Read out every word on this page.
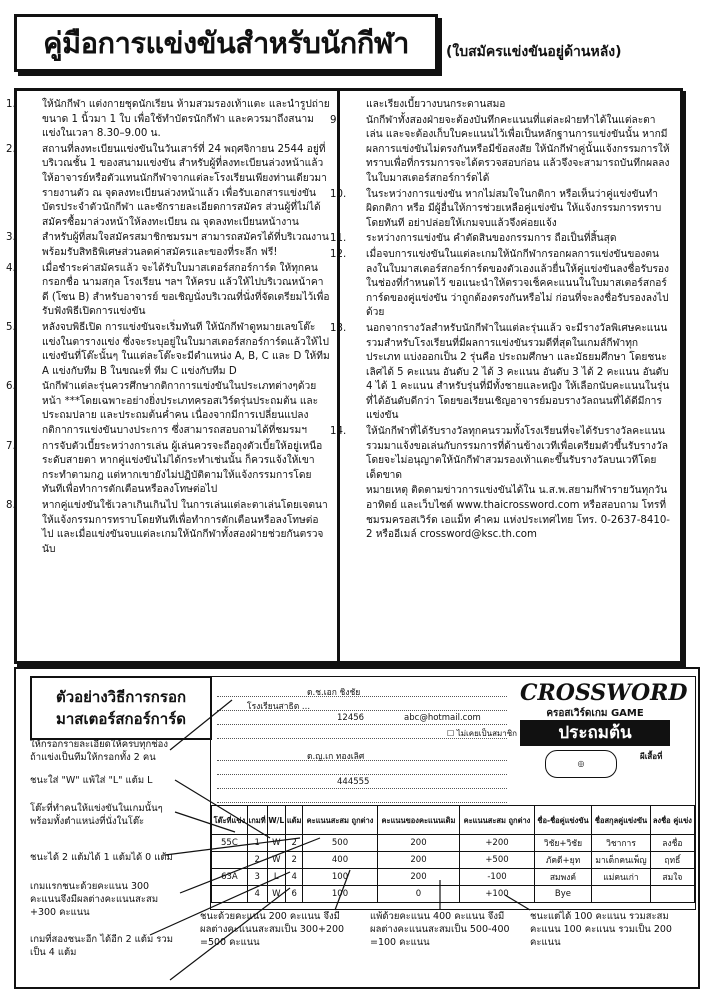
คู่มือการแข่งขันสำหรับนักกีฬา	(ใบสมัครแข่งขันอยู่ด้านหลัง)

1.	ให้นักกีฬา แต่งกายชุดนักเรียน ห้ามสวมรองเท้าแตะ และนำรูปถ่ายขนาด 1 นิ้วมา 1 ใบ เพื่อใช้ทำบัตรนักกีฬา และควรมาถึงสนามแข่งในเวลา 8.30–9.00 น.

2.	สถานที่ลงทะเบียนแข่งขันในวันเสาร์ที่ 24 พฤศจิกายน 2544 อยู่ที่บริเวณชั้น 1 ของสนามแข่งขัน สำหรับผู้ที่ลงทะเบียนล่วงหน้าแล้วให้อาจารย์หรือตัวแทนนักกีฬาจากแต่ละโรงเรียนเพียงท่านเดียวมารายงานตัว ณ จุดลงทะเบียนล่วงหน้าแล้ว เพื่อรับเอกสารแข่งขัน บัตรประจำตัวนักกีฬา และซักรายละเอียดการสมัคร ส่วนผู้ที่ไม่ได้สมัครซื้อมาล่วงหน้าให้ลงทะเบียน ณ จุดลงทะเบียนหน้างาน

3.	สำหรับผู้ที่สมใจสมัครสมาชิกชมรมฯ สามารถสมัครได้ที่บริเวณงาน พร้อมรับสิทธิพิเศษส่วนลดค่าสมัครและของที่ระลึก ฟรี!

4.	เมื่อชำระค่าสมัครแล้ว จะได้รับใบมาสเตอร์สกอร์การ์ด ให้ทุกคนกรอกชื่อ นามสกุล โรงเรียน ฯลฯ ให้ครบ แล้วให้ไปบริเวณหน้าคาดี (โซน B) สำหรับอาจารย์ ขอเชิญนั่งบริเวณที่นั่งที่จัดเตรียมไว้เพื่อรับฟังพิธีเปิดการแข่งขัน

5.	หลังจบพิธีเปิด การแข่งขันจะเริ่มทันที ให้นักกีฬาดูหมายเลขโต๊ะแข่งในตารางแข่ง ซึ่งจะระบุอยู่ในใบมาสเตอร์สกอร์การ์ดแล้วให้ไปแข่งขันที่โต๊ะนั้นๆ ในแต่ละโต๊ะจะมีตำแหน่ง A, B, C และ D ให้ทีม A แข่งกับทีม B ในขณะที่ ทีม C แข่งกับทีม D

6.	นักกีฬาแต่ละรุ่นควรศึกษากติกาการแข่งขันในประเภทต่างๆด้วยหน้า ***โดยเฉพาะอย่างยิ่งประเภทครอสเวิร์ดรุ่นประถมต้น และประถมปลาย และประถมต้นค่ำคน เนื่องจากมีการเปลี่ยนแปลงกติกาการแข่งขันบางประการ ซึ่งสามารถสอบถามได้ที่ชมรมฯ

7.	การจับตัวเบี้ยระหว่างการเล่น ผู้เล่นควรจะถือถุงตัวเบี้ยให้อยู่เหนือระดับสายตา หากคู่แข่งขันไม่ได้กระทำเช่นนั้น ก็ควรแจ้งให้เขากระทำตามกฎ แต่หากเขายังไม่ปฏิบัติตามให้แจ้งกรรมการโดยทันทีเพื่อทำการตักเตือนหรือลงโทษต่อไป

8.	หากคู่แข่งขันใช้เวลาเกินเกินไป ในการเล่นแต่ละตาเล่นโดยเจตนาให้แจ้งกรรมการทราบโดยทันทีเพื่อทำการตักเตือนหรือลงโทษต่อไป และเมื่อแข่งขันจบแต่ละเกมให้นักกีฬาทั้งสองฝ่ายช่วยกันตรวจนับ

และเรียงเบี้ยวางบนกระดานสมอ

9.	นักกีฬาทั้งสองฝ่ายจะต้องบันทึกคะแนนที่แต่ละฝ่ายทำได้ในแต่ละตาเล่น และจะต้องเก็บใบคะแนนไว้เพื่อเป็นหลักฐานการแข่งขันนั้น หากมีผลการแข่งขันไม่ตรงกันหรือมีข้อสงสัย ให้นักกีฬาคู่นั้นแจ้งกรรมการให้ทราบเพื่อที่กรรมการจะได้ตรวจสอบก่อน แล้วจึงจะสามารถบันทึกผลลงในใบมาสเตอร์สกอร์การ์ดได้

10. ในระหว่างการแข่งขัน หากไม่สมใจในกติกา หรือเห็นว่าคู่แข่งขันทำผิดกติกา หรือ มีผู้อื่นให้การช่วยเหลือคู่แข่งขัน ให้แจ้งกรรมการทราบโดยทันที อย่าปล่อยให้เกมจบแล้วจึงค่อยแจ้ง

11. ระหว่างการแข่งขัน คำตัดสินของกรรมการ ถือเป็นที่สิ้นสุด

12. เมื่อจบการแข่งขันในแต่ละเกมให้นักกีฬากรอกผลการแข่งขันของตนลงในใบมาสเตอร์สกอร์การ์ดของตัวเองแล้วยื่นให้คู่แข่งขันลงชื่อรับรอง ในช่องที่กำหนดไว้ ขอแนะนำให้ตรวจเช็คคะแนนในใบมาสเตอร์สกอร์การ์ดของคู่แข่งขัน ว่าถูกต้องตรงกันหรือไม่ ก่อนที่จะลงชื่อรับรองลงไปด้วย

13. นอกจากรางวัลสำหรับนักกีฬาในแต่ละรุ่นแล้ว จะมีรางวัลพิเศษคะแนนรวมสำหรับโรงเรียนที่มีผลการแข่งขันรวมดีที่สุดในเกมส์กีฬาทุกประเภท แบ่งออกเป็น 2 รุ่นคือ ประถมศึกษา และมัธยมศึกษา โดยชนะเลิศได้ 5 คะแนน อันดับ 2 ได้ 3 คะแนน อันดับ 3 ได้ 2 คะแนน อันดับ 4 ได้ 1 คะแนน สำหรับรุ่นที่มีทั้งชายและหญิง ให้เลือกนับคะแนนในรุ่นที่ได้อันดับดีกว่า โดยขอเรียนเชิญอาจารย์มอบรางวัลถนนที่ได้ดีมีการแข่งขัน

14. ให้นักกีฬาที่ได้รับรางวัลทุกคนรวมทั้งโรงเรียนที่จะได้รับรางวัลคะแนนรวมมาแจ้งขอเล่นกับกรรมการที่ด้านข้างเวทีเพื่อเตรียมตัวขึ้นรับรางวัล โดยจะไม่อนุญาตให้นักกีฬาสวมรองเท้าแตะขึ้นรับรางวัลบนเวทีโดยเด็ดขาด

หมายเหตุ ติดตามข่าวการแข่งขันได้ใน น.ส.พ.สยามกีฬารายวันทุกวันอาทิตย์ และเว็บไซต์ www.thaicrossword.com หรือสอบถาม โทรที่ ชมรมครอสเวิร์ด เอแม็ท คำคม แห่งประเทศไทย โทร. 0-2637-8410-2 หรืออีเมล์ crossword@ksc.th.com

ตัวอย่างวิธีการกรอก
มาสเตอร์สกอร์การ์ด
ให้กรอกรายละเอียดให้ครบทุกช่อง ถ้าแข่งเป็นทีมให้กรอกทั้ง 2 คน
ชนะใส่ "W" แพ้ใส่ "L" แต้ม L
โต๊ะที่ทำคนให้แข่งขันในเกมนั้นๆ พร้อมทั้งตำแหน่งที่นั่งในโต๊ะ
ชนะได้ 2 แต้มได้ 1 แต้มได้ 0 แต้ม
เกมแรกชนะด้วยคะแนน 300 คะแนนจึงมีผลต่างคะแนนสะสม +300 คะแนน
เกมที่สองชนะอีก ได้อีก 2 แต้ม รวมเป็น 4 แต้ม
ด.ช.เอก ชิงชัย
โรงเรียนสาธิต ...
12456	abc@hotmail.com
ด.ญ.เก ทองเลิศ
444555
☐ ไม่เคยเป็นสมาชิก
CROSSWORD
ครอสเวิร์ดเกม GAME
ประถมต้น
◎
ผีเสื้อที่
โต๊ะที่แข่ง	เกมที่	W/L	แต้ม	คะแนนสะสม ถูกต่าง	คะแนนของคะแนนเดิม	คะแนนสะสม ถูกต่าง	ชื่อ-ชื่อคู่แข่งขัน	ชื่อสกุลคู่แข่งขัน	ลงชื่อ คู่แข่ง
55C	1	W	2	500	200	+200	วิชัย+วิชัย	วิชาการ	ลงชื่อ
	2	W	2	400	200	+500	ภัคดี+ยุท	มาเด็กคนเพ็ญ	ฤทธิ์
63A	3	L	4	100	200	-100	สมพงค์	แม่คนเก่า	สมใจ
	4	W	6	100	0	+100	Bye		
ชนะด้วยคะแนน 200 คะแนน จึงมีผลต่างคะแนนสะสมเป็น 300+200 =500 คะแนน
แพ้ด้วยคะแนน 400 คะแนน จึงมีผลต่างคะแนนสะสมเป็น 500-400 =100 คะแนน
ชนะแต่ได้ 100 คะแนน รวมสะสมคะแนน 100 คะแนน รวมเป็น 200 คะแนน
